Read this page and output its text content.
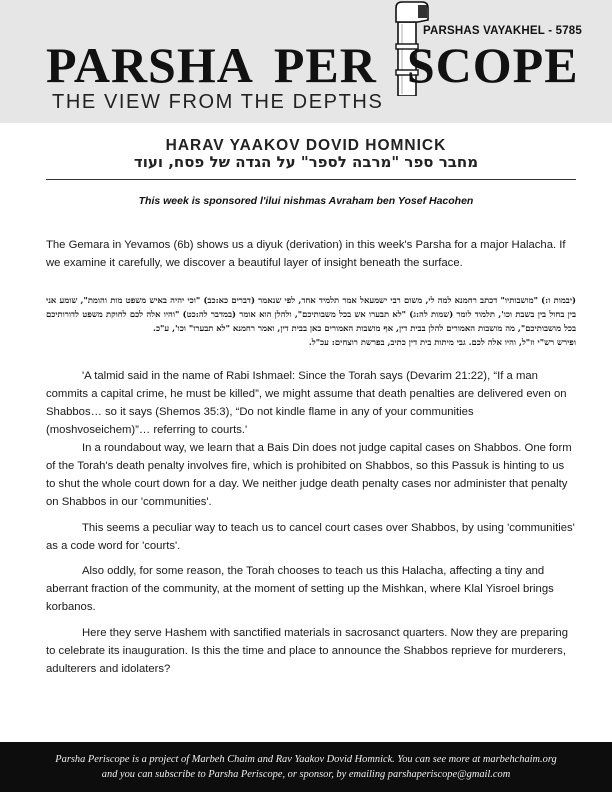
PARSHAS VAYAKHEL - 5785
PARSHA PER SCOPE
THE VIEW FROM THE DEPTHS
HARAV YAAKOV DOVID HOMNICK
מחבר ספר "מרבה לספר" על הגדה של פסח, ועוד
This week is sponsored l'ilui nishmas Avraham ben Yosef Hacohen

The Gemara in Yevamos (6b) shows us a diyuk (derivation) in this week's Parsha for a major Halacha. If we examine it carefully, we discover a beautiful layer of insight beneath the surface.

(יבמות ו:) "מושבותיו" דכתב רחמנא למה לי, משום רבי ישמעאל אמר תלמיד אחד, לפי שנאמר (דברים כא:כב) "וכי יהיה באיש משפט מות והומת", שומע אני בין בחול בין בשבת וכו', תלמוד לומר (שמות לה:ג) "לא תבערו אש בכל משבותיכם", ולהלן הוא אומר (במדבר לה:כט) "והיו אלה לכם לחוקת משפט לדורותיכם בכל מושבותיכם", מה מושבות האמורים להלן בבית דין, אף מושבות האמורים כאן בבית דין, ואמר רחמנא "לא תבערו" וכו', ע"כ.
ופירש רש"י וז"ל, והיו אלה לכם. גבי מיתות בית דין כתיב, בפרשת רוצחים: עכ"ל.

'A talmid said in the name of Rabi Ishmael: Since the Torah says (Devarim 21:22), “If a man commits a capital crime, he must be killed”, we might assume that death penalties are delivered even on Shabbos… so it says (Shemos 35:3), “Do not kindle flame in any of your communities (moshvoseichem)”… referring to courts.'

In a roundabout way, we learn that a Bais Din does not judge capital cases on Shabbos. One form of the Torah's death penalty involves fire, which is prohibited on Shabbos, so this Passuk is hinting to us to shut the whole court down for a day. We neither judge death penalty cases nor administer that penalty on Shabbos in our 'communities'.

This seems a peculiar way to teach us to cancel court cases over Shabbos, by using 'communities' as a code word for 'courts'.

Also oddly, for some reason, the Torah chooses to teach us this Halacha, affecting a tiny and aberrant fraction of the community, at the moment of setting up the Mishkan, where Klal Yisroel brings korbanos.

Here they serve Hashem with sanctified materials in sacrosanct quarters. Now they are preparing to celebrate its inauguration. Is this the time and place to announce the Shabbos reprieve for murderers, adulterers and idolaters?

Parsha Periscope is a project of Marbeh Chaim and Rav Yaakov Dovid Homnick. You can see more at marbehchaim.org
and you can subscribe to Parsha Periscope, or sponsor, by emailing parshaperiscope@gmail.com
